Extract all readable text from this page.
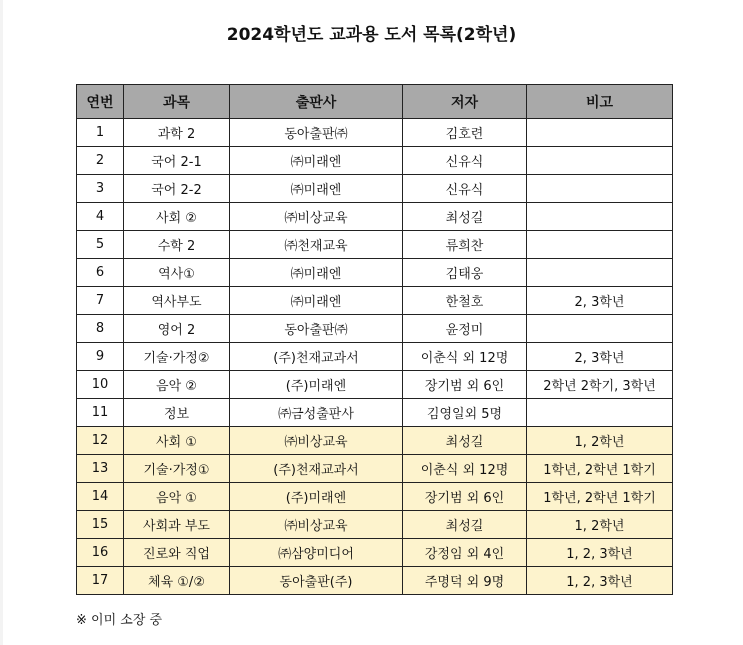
2024학년도 교과용 도서 목록(2학년)
연번	과목	출판사	저자	비고
1	과학 2	동아출판㈜	김호련	
2	국어 2-1	㈜미래엔	신유식	
3	국어 2-2	㈜미래엔	신유식	
4	사회 ②	㈜비상교육	최성길	
5	수학 2	㈜천재교육	류희찬	
6	역사①	㈜미래엔	김태웅	
7	역사부도	㈜미래엔	한철호	2, 3학년
8	영어 2	동아출판㈜	윤정미	
9	기술·가정②	(주)천재교과서	이춘식 외 12명	2, 3학년
10	음악 ②	(주)미래엔	장기범 외 6인	2학년 2학기, 3학년
11	정보	㈜금성출판사	김영일외 5명	
12	사회 ①	㈜비상교육	최성길	1, 2학년
13	기술·가정①	(주)천재교과서	이춘식 외 12명	1학년, 2학년 1학기
14	음악 ①	(주)미래엔	장기범 외 6인	1학년, 2학년 1학기
15	사회과 부도	㈜비상교육	최성길	1, 2학년
16	진로와 직업	㈜삼양미디어	강정임 외 4인	1, 2, 3학년
17	체육 ①/②	동아출판(주)	주명덕 외 9명	1, 2, 3학년
※ 이미 소장 중
